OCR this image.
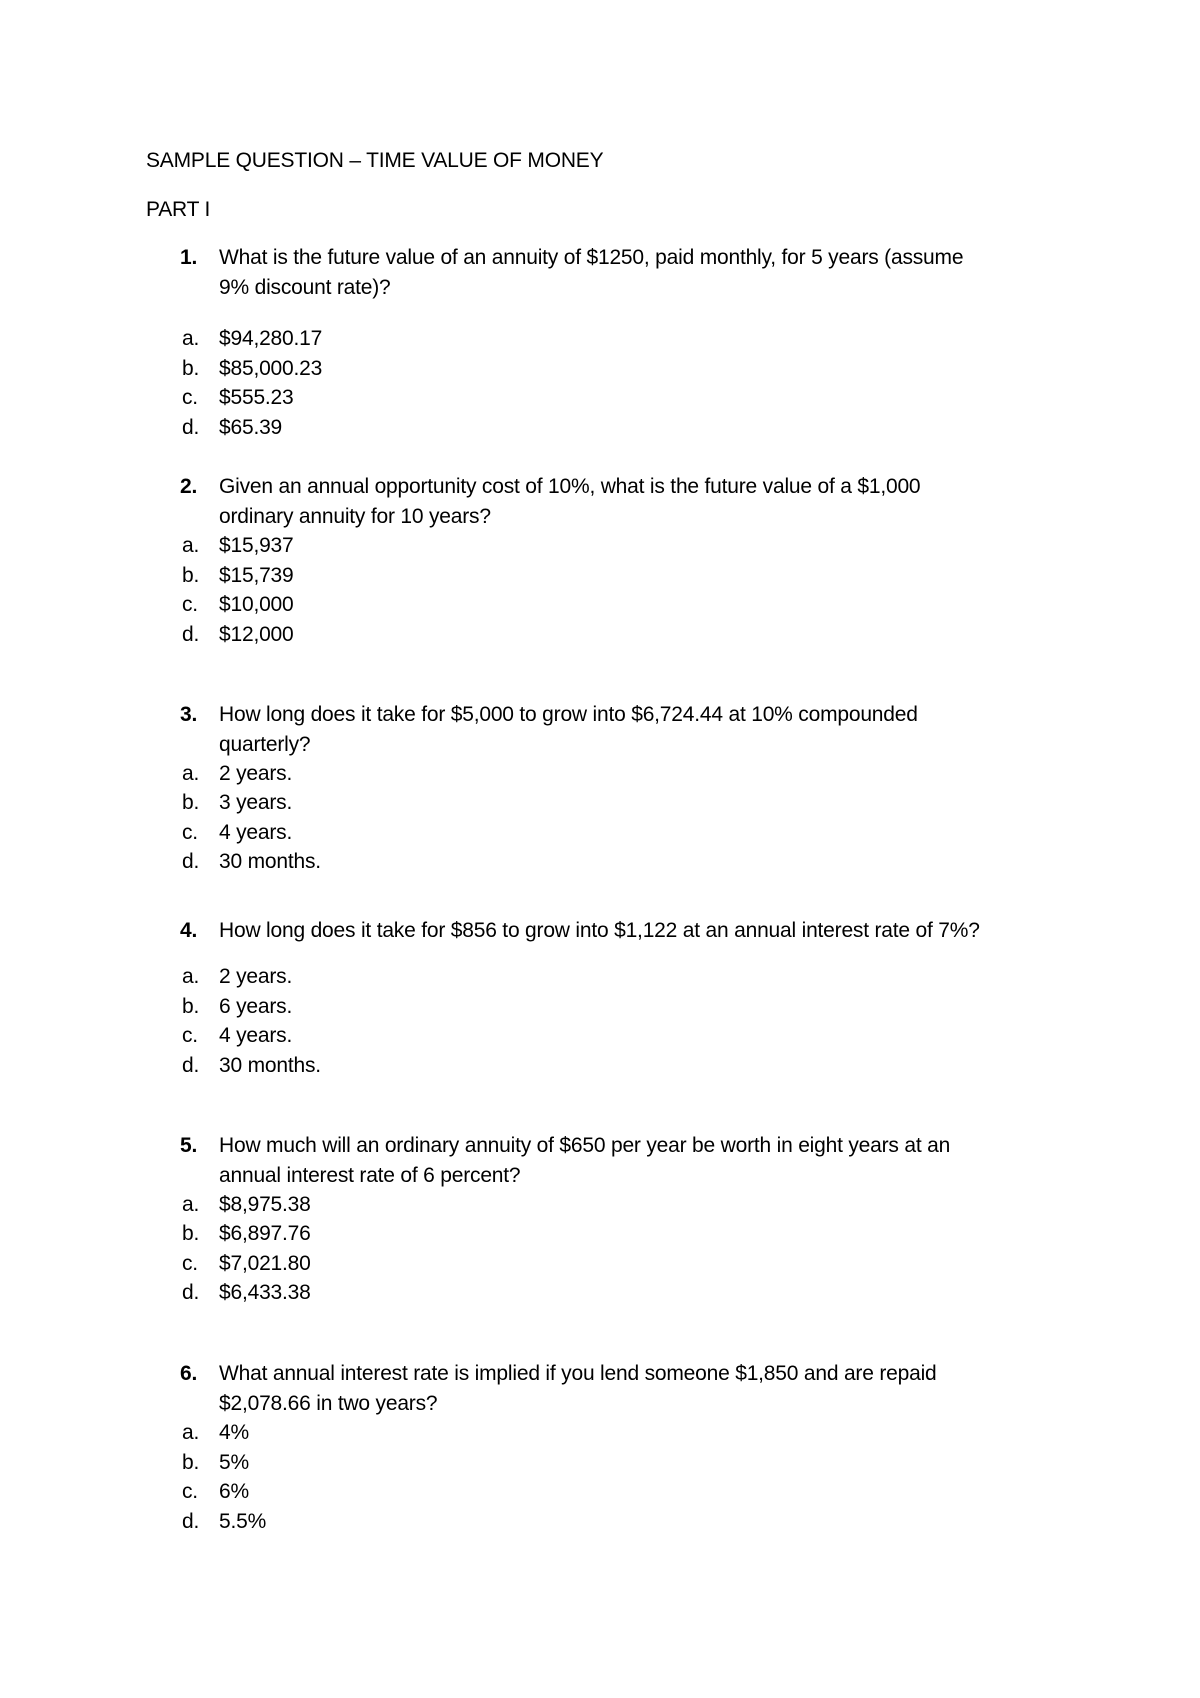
SAMPLE QUESTION – TIME VALUE OF MONEY
PART I
1.	What is the future value of an annuity of $1250, paid monthly, for 5 years (assume
9% discount rate)?
a. $94,280.17
b. $85,000.23
c.	$555.23
d. $65.39
2.	Given an annual opportunity cost of 10%, what is the future value of a $1,000
ordinary annuity for 10 years?
a. $15,937
b. $15,739
c.	$10,000
d. $12,000
3.	How long does it take for $5,000 to grow into $6,724.44 at 10% compounded
quarterly?
a. 2 years.
b. 3 years.
c.	4 years.
d. 30 months.
4.	How long does it take for $856 to grow into $1,122 at an annual interest rate of 7%?
a. 2 years.
b. 6 years.
c.	4 years.
d. 30 months.
5.	How much will an ordinary annuity of $650 per year be worth in eight years at an
annual interest rate of 6 percent?
a. $8,975.38
b. $6,897.76
c.	$7,021.80
d. $6,433.38
6.	What annual interest rate is implied if you lend someone $1,850 and are repaid
$2,078.66 in two years?
a. 4%
b. 5%
c.	6%
d. 5.5%
